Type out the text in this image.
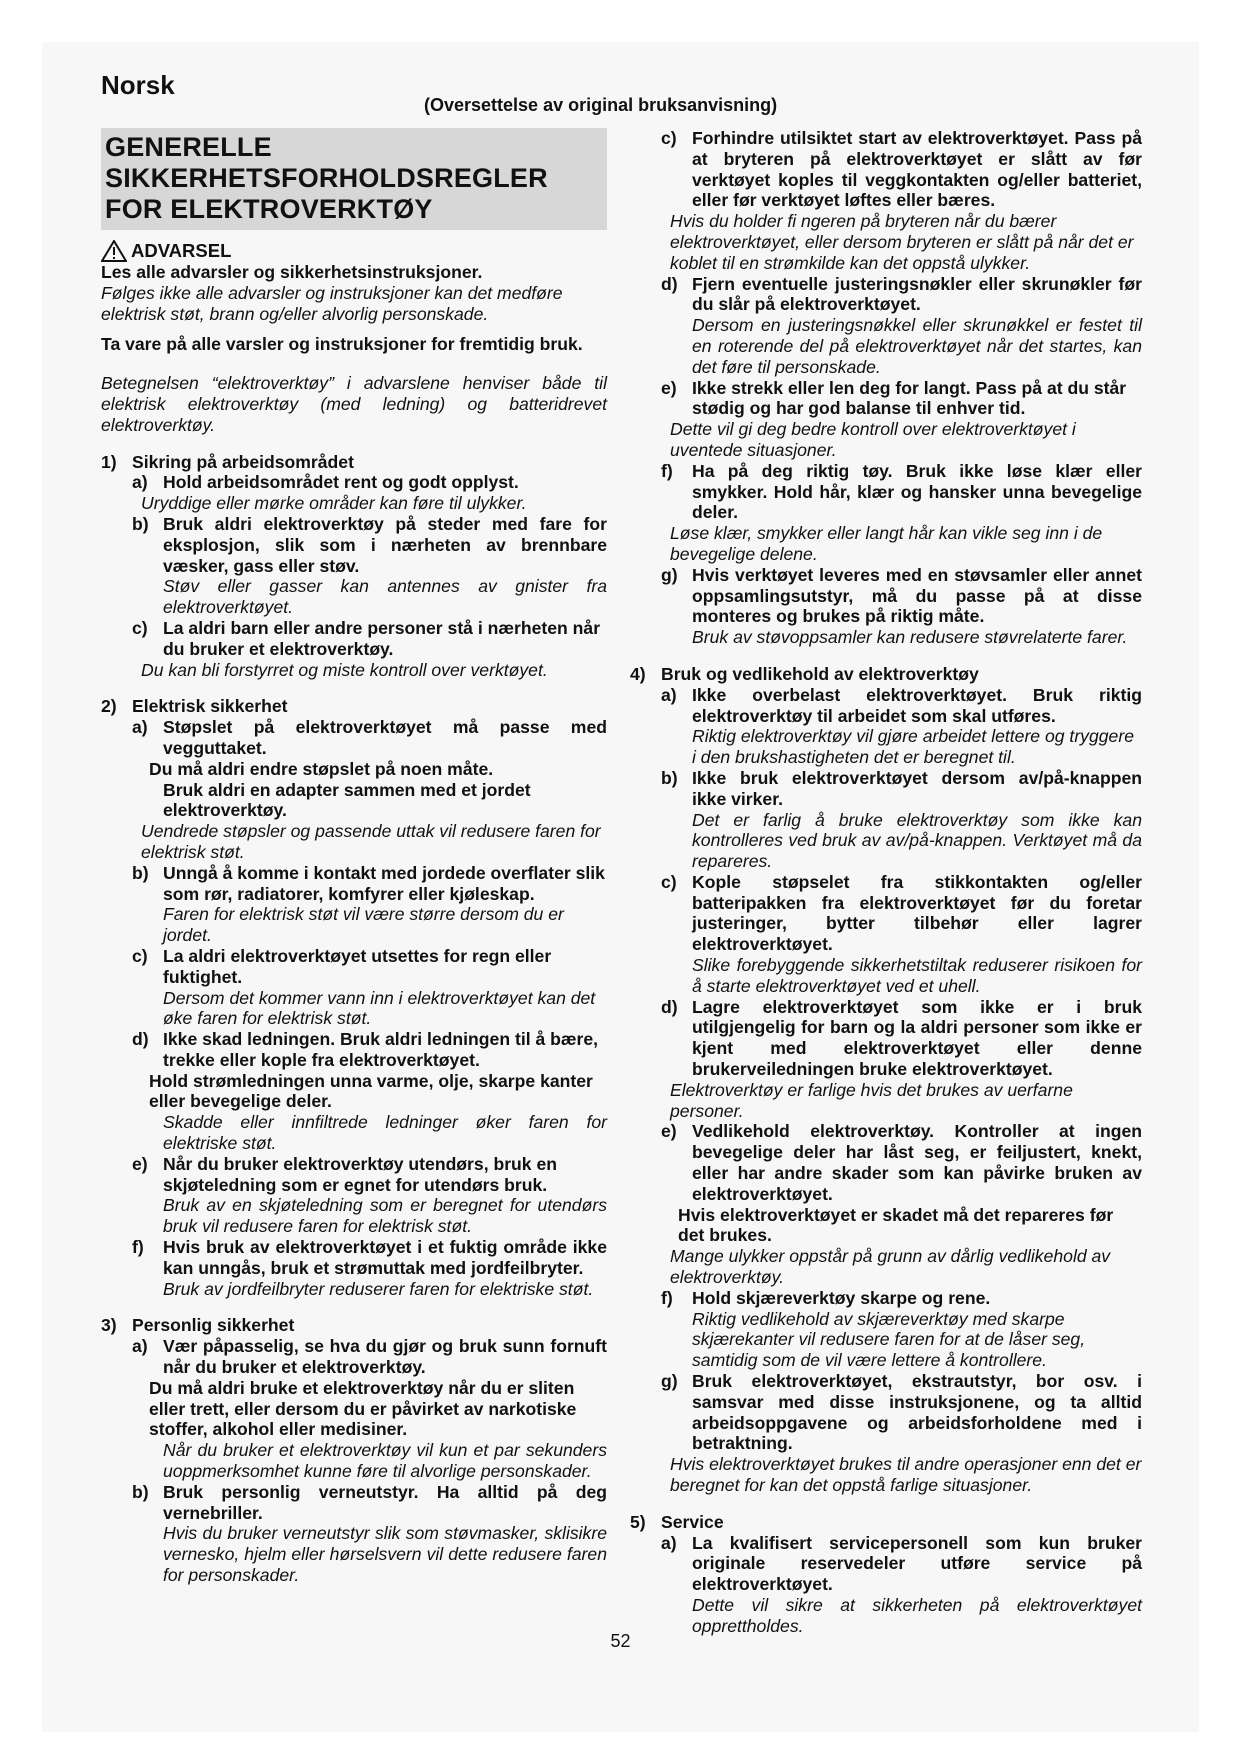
Norsk

(Oversettelse av original bruksanvisning)

GENERELLE SIKKERHETSFORHOLDSREGLER FOR ELEKTROVERKTØY
ADVARSEL

Les alle advarsler og sikkerhetsinstruksjoner.

Følges ikke alle advarsler og instruksjoner kan det medføre elektrisk støt, brann og/eller alvorlig personskade.

Ta vare på alle varsler og instruksjoner for fremtidig bruk.

Betegnelsen “elektroverktøy” i advarslene henviser både til elektrisk elektroverktøy (med ledning) og batteridrevet elektroverktøy.

1) Sikring på arbeidsområdet
a) Hold arbeidsområdet rent og godt opplyst.

Uryddige eller mørke områder kan føre til ulykker.

b) Bruk aldri elektroverktøy på steder med fare for eksplosjon, slik som i nærheten av brennbare væsker, gass eller støv.

Støv eller gasser kan antennes av gnister fra elektroverktøyet.

c) La aldri barn eller andre personer stå i nærheten når du bruker et elektroverktøy.

Du kan bli forstyrret og miste kontroll over verktøyet.

2) Elektrisk sikkerhet
a) Støpslet på elektroverktøyet må passe med vegguttaket.

Du må aldri endre støpslet på noen måte.

Bruk aldri en adapter sammen med et jordet elektroverktøy.

Uendrede støpsler og passende uttak vil redusere faren for elektrisk støt.

b) Unngå å komme i kontakt med jordede overflater slik som rør, radiatorer, komfyrer eller kjøleskap.

Faren for elektrisk støt vil være større dersom du er jordet.

c) La aldri elektroverktøyet utsettes for regn eller fuktighet.

Dersom det kommer vann inn i elektroverktøyet kan det øke faren for elektrisk støt.

d) Ikke skad ledningen. Bruk aldri ledningen til å bære, trekke eller kople fra elektroverktøyet.

Hold strømledningen unna varme, olje, skarpe kanter eller bevegelige deler.

Skadde eller innfiltrede ledninger øker faren for elektriske støt.

e) Når du bruker elektroverktøy utendørs, bruk en skjøteledning som er egnet for utendørs bruk.

Bruk av en skjøteledning som er beregnet for utendørs bruk vil redusere faren for elektrisk støt.

f)	Hvis bruk av elektroverktøyet i et fuktig område ikke kan unngås, bruk et strømuttak med jordfeilbryter.

Bruk av jordfeilbryter reduserer faren for elektriske støt.

3) Personlig sikkerhet
a) Vær påpasselig, se hva du gjør og bruk sunn fornuft når du bruker et elektroverktøy.

Du må aldri bruke et elektroverktøy når du er sliten eller trett, eller dersom du er påvirket av narkotiske stoffer, alkohol eller medisiner.

Når du bruker et elektroverktøy vil kun et par sekunders uoppmerksomhet kunne føre til alvorlige personskader.

b) Bruk personlig verneutstyr. Ha alltid på deg vernebriller.

Hvis du bruker verneutstyr slik som støvmasker, sklisikre vernesko, hjelm eller hørselsvern vil dette redusere faren for personskader.

c) Forhindre utilsiktet start av elektroverktøyet. Pass på at bryteren på elektroverktøyet er slått av før verktøyet koples til veggkontakten og/eller batteriet, eller før verktøyet løftes eller bæres.

Hvis du holder fi ngeren på bryteren når du bærer elektroverktøyet, eller dersom bryteren er slått på når det er koblet til en strømkilde kan det oppstå ulykker.

d) Fjern eventuelle justeringsnøkler eller skrunøkler før du slår på elektroverktøyet.

Dersom en justeringsnøkkel eller skrunøkkel er festet til en roterende del på elektroverktøyet når det startes, kan det føre til personskade.

e) Ikke strekk eller len deg for langt. Pass på at du står stødig og har god balanse til enhver tid.

Dette vil gi deg bedre kontroll over elektroverktøyet i uventede situasjoner.

f)	Ha på deg riktig tøy. Bruk ikke løse klær eller smykker. Hold hår, klær og hansker unna bevegelige deler.

Løse klær, smykker eller langt hår kan vikle seg inn i de bevegelige delene.

g) Hvis verktøyet leveres med en støvsamler eller annet oppsamlingsutstyr, må du passe på at disse monteres og brukes på riktig måte.

Bruk av støvoppsamler kan redusere støvrelaterte farer.

4) Bruk og vedlikehold av elektroverktøy
a) Ikke overbelast elektroverktøyet. Bruk riktig elektroverktøy til arbeidet som skal utføres.

Riktig elektroverktøy vil gjøre arbeidet lettere og tryggere i den brukshastigheten det er beregnet til.

b) Ikke bruk elektroverktøyet dersom av/på-knappen ikke virker.

Det er farlig å bruke elektroverktøy som ikke kan kontrolleres ved bruk av av/på-knappen. Verktøyet må da repareres.

c) Kople støpselet fra stikkontakten og/eller batteripakken fra elektroverktøyet før du foretar justeringer, bytter tilbehør eller lagrer elektroverktøyet.

Slike forebyggende sikkerhetstiltak reduserer risikoen for å starte elektroverktøyet ved et uhell.

d) Lagre elektroverktøyet som ikke er i bruk utilgjengelig for barn og la aldri personer som ikke er kjent med elektroverktøyet eller denne brukerveiledningen bruke elektroverktøyet.

Elektroverktøy er farlige hvis det brukes av uerfarne personer.

e) Vedlikehold elektroverktøy. Kontroller at ingen bevegelige deler har låst seg, er feiljustert, knekt, eller har andre skader som kan påvirke bruken av elektroverktøyet.

Hvis elektroverktøyet er skadet må det repareres før det brukes.

Mange ulykker oppstår på grunn av dårlig vedlikehold av elektroverktøy.

f)	Hold skjæreverktøy skarpe og rene.

Riktig vedlikehold av skjæreverktøy med skarpe skjærekanter vil redusere faren for at de låser seg, samtidig som de vil være lettere å kontrollere.

g) Bruk elektroverktøyet, ekstrautstyr, bor osv. i samsvar med disse instruksjonene, og ta alltid arbeidsoppgavene og arbeidsforholdene med i betraktning.

Hvis elektroverktøyet brukes til andre operasjoner enn det er beregnet for kan det oppstå farlige situasjoner.

5) Service
a) La kvalifisert servicepersonell som kun bruker originale reservedeler utføre service på elektroverktøyet.

Dette vil sikre at sikkerheten på elektroverktøyet opprettholdes.

52
